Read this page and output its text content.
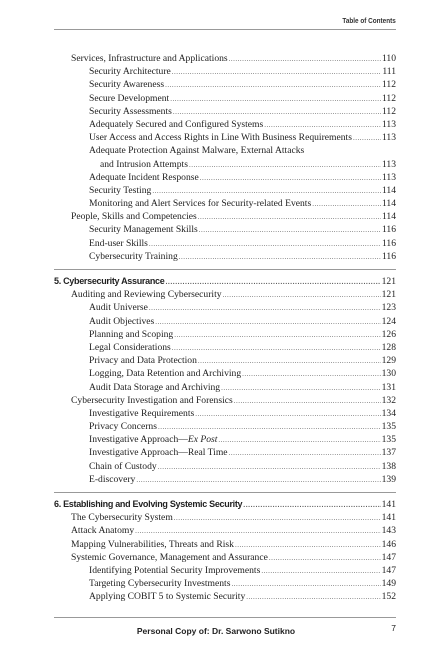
Table of Contents
Services, Infrastructure and Applications .....	110
Security Architecture .....	111
Security Awareness .....	112
Secure Development .....	112
Security Assessments .....	112
Adequately Secured and Configured Systems .....	113
User Access and Access Rights in Line With Business Requirements .....	113
Adequate Protection Against Malware, External Attacks
and Intrusion Attempts .....	113
Adequate Incident Response .....	113
Security Testing .....	114
Monitoring and Alert Services for Security-related Events .....	114
People, Skills and Competencies .....	114
Security Management Skills .....	116
End-user Skills .....	116
Cybersecurity Training .....	116
5. Cybersecurity Assurance .....	121
Auditing and Reviewing Cybersecurity .....	121
Audit Universe .....	123
Audit Objectives .....	124
Planning and Scoping .....	126
Legal Considerations .....	128
Privacy and Data Protection .....	129
Logging, Data Retention and Archiving .....	130
Audit Data Storage and Archiving .....	131
Cybersecurity Investigation and Forensics .....	132
Investigative Requirements .....	134
Privacy Concerns .....	135
Investigative Approach—Ex Post .....	135
Investigative Approach—Real Time .....	137
Chain of Custody .....	138
E-discovery .....	139
6. Establishing and Evolving Systemic Security .....	141
The Cybersecurity System .....	141
Attack Anatomy .....	143
Mapping Vulnerabilities, Threats and Risk .....	146
Systemic Governance, Management and Assurance .....	147
Identifying Potential Security Improvements .....	147
Targeting Cybersecurity Investments .....	149
Applying COBIT 5 to Systemic Security .....	152
Personal Copy of: Dr. Sarwono Sutikno	7
